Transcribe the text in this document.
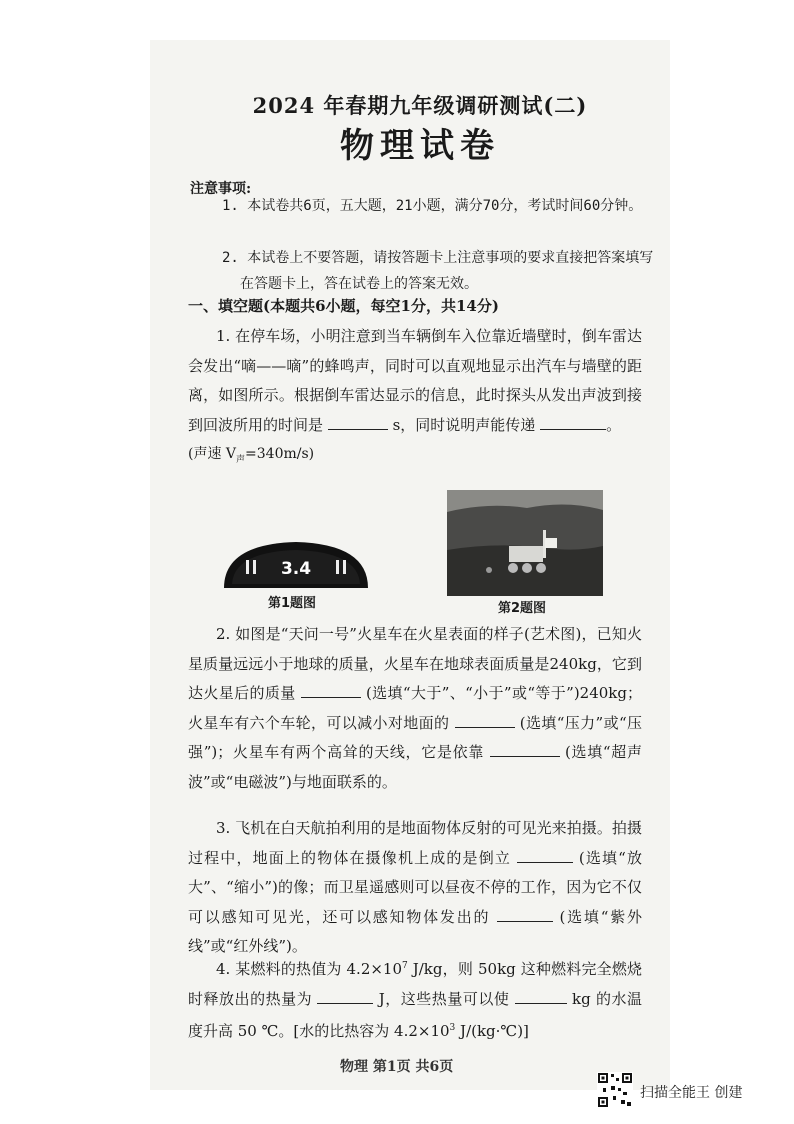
2024 年春期九年级调研测试(二)
物理试卷
注意事项:
1. 本试卷共6页，五大题，21小题，满分70分，考试时间60分钟。
2. 本试卷上不要答题，请按答题卡上注意事项的要求直接把答案填写在答题卡上，答在试卷上的答案无效。
一、填空题(本题共6小题，每空1分，共14分)
1. 在停车场，小明注意到当车辆倒车入位靠近墙壁时，倒车雷达会发出“嘀——嘀”的蜂鸣声，同时可以直观地显示出汽车与墙壁的距离，如图所示。根据倒车雷达显示的信息，此时探头从发出声波到接到回波所用的时间是	s，同时说明声能传递	。
(声速 $V_声=340m/s$)
3.4
第1题图	第2题图
2. 如图是“天问一号”火星车在火星表面的样子(艺术图)，已知火星质量远远小于地球的质量，火星车在地球表面质量是240kg，它到达火星后的质量	(选填“大于”、“小于”或“等于”)240kg；火星车有六个车轮，可以减小对地面的	(选填“压力”或“压强”)；火星车有两个高耸的天线，它是依靠	(选填“超声波”或“电磁波”)与地面联系的。
3. 飞机在白天航拍利用的是地面物体反射的可见光来拍摄。拍摄过程中，地面上的物体在摄像机上成的是倒立	(选填“放大”、“缩小”)的像；而卫星遥感则可以昼夜不停的工作，因为它不仅可以感知可见光，还可以感知物体发出的	(选填“紫外线”或“红外线”)。
4. 某燃料的热值为 $4.2\times 10^7$ J/kg，则 50kg 这种燃料完全燃烧时释放出的热量为	J，这些热量可以使	kg 的水温度升高 50 ℃。[水的比热容为 $4.2\times 10^3$ J/(kg·℃)]
物理 第1页 共6页
扫描全能王 创建
